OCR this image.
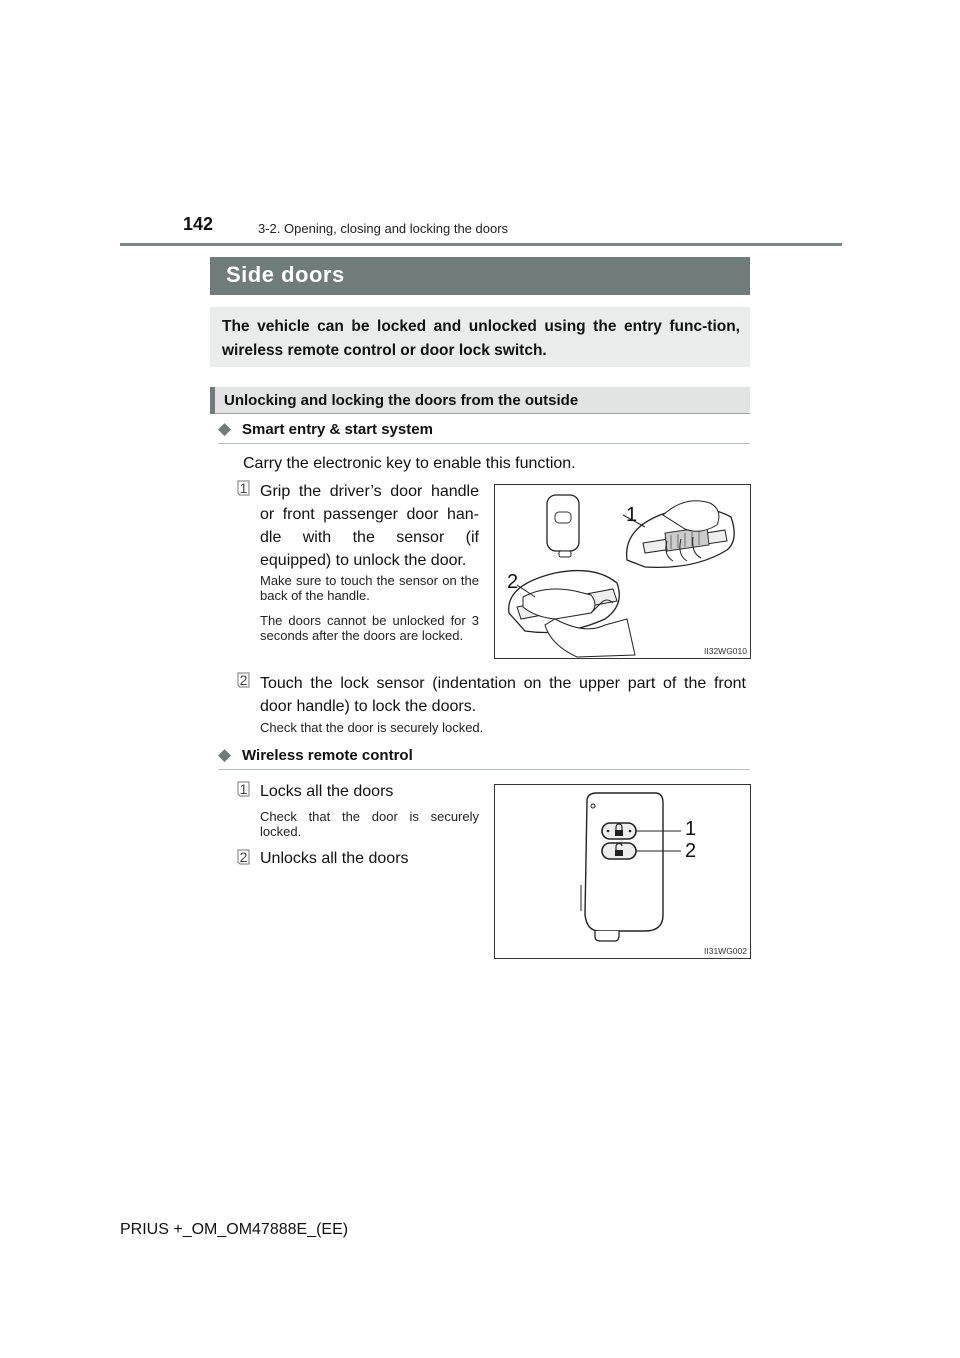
142	3-2. Opening, closing and locking the doors
Side doors
The vehicle can be locked and unlocked using the entry func-tion, wireless remote control or door lock switch.
Unlocking and locking the doors from the outside
◆ Smart entry & start system
Carry the electronic key to enable this function.
1 Grip the driver’s door handle or front passenger door han-dle with the sensor (if equipped) to unlock the door.
Make sure to touch the sensor on the back of the handle.
The doors cannot be unlocked for 3 seconds after the doors are locked.
1
2
II32WG010
2 Touch the lock sensor (indentation on the upper part of the front door handle) to lock the doors.
Check that the door is securely locked.
◆ Wireless remote control
1 Locks all the doors
Check that the door is securely locked.
2 Unlocks all the doors
1
2
II31WG002
PRIUS +_OM_OM47888E_(EE)
